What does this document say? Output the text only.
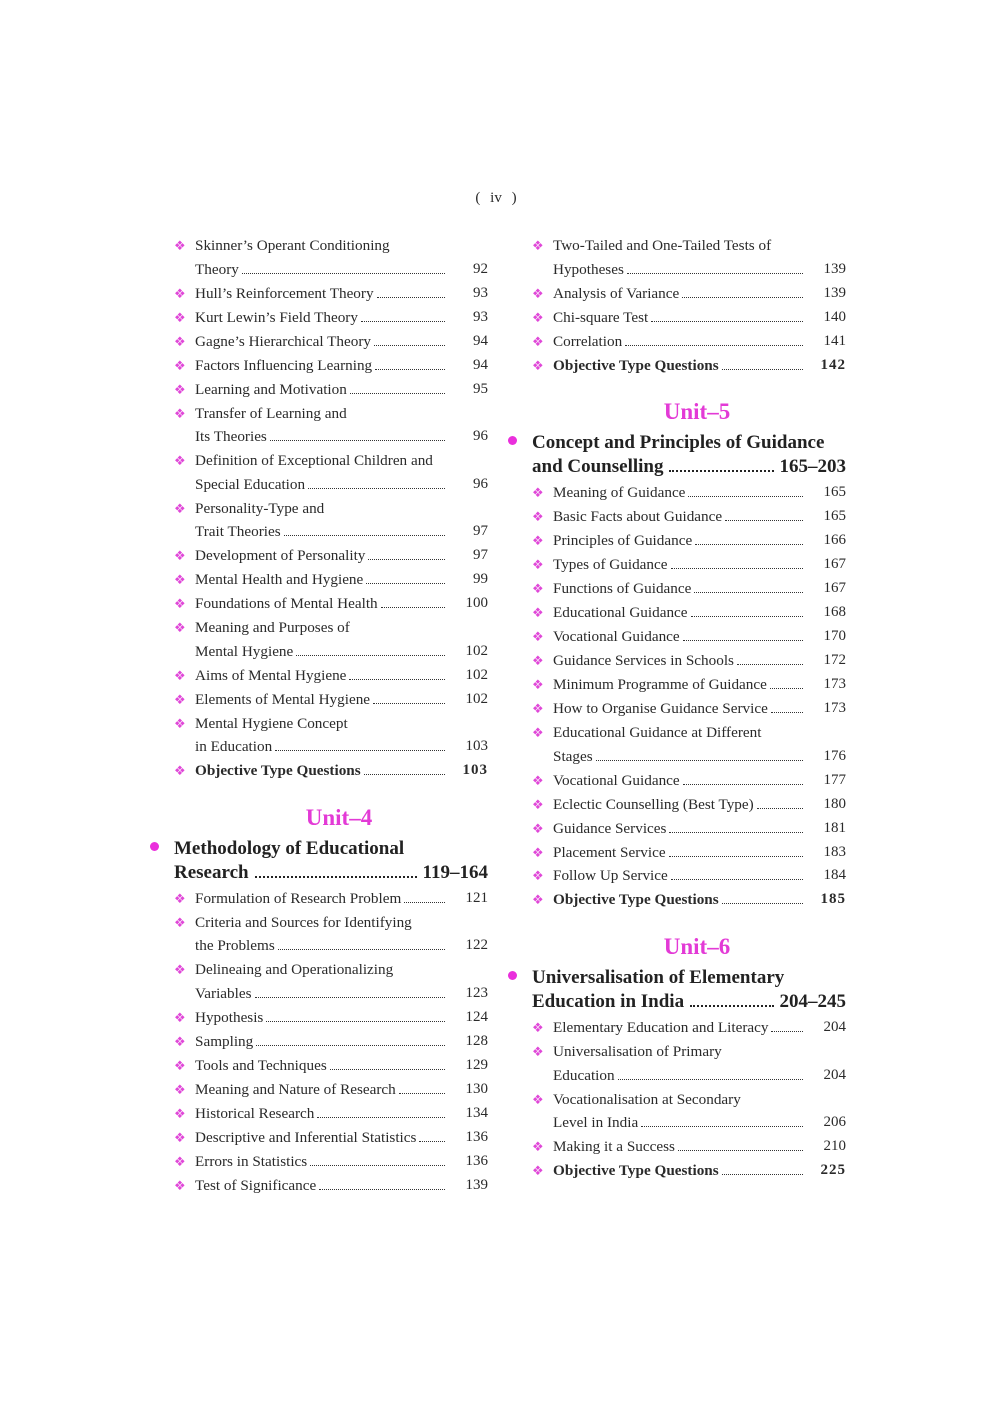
( iv )
❖ Skinner’s Operant Conditioning
Theory	92
❖ Hull’s Reinforcement Theory	93
❖ Kurt Lewin’s Field Theory	93
❖ Gagne’s Hierarchical Theory	94
❖ Factors Influencing Learning	94
❖ Learning and Motivation	95
❖ Transfer of Learning and
Its Theories	96
❖ Definition of Exceptional Children and
Special Education	96
❖ Personality-Type and
Trait Theories	97
❖ Development of Personality	97
❖ Mental Health and Hygiene	99
❖ Foundations of Mental Health	100
❖ Meaning and Purposes of
Mental Hygiene	102
❖ Aims of Mental Hygiene	102
❖ Elements of Mental Hygiene	102
❖ Mental Hygiene Concept
in Education	103
❖ Objective Type Questions	103
Unit–4
Methodology of Educational
Research	119–164
❖ Formulation of Research Problem	121
❖ Criteria and Sources for Identifying
the Problems	122
❖ Delineaing and Operationalizing
Variables	123
❖ Hypothesis	124
❖ Sampling	128
❖ Tools and Techniques	129
❖ Meaning and Nature of Research	130
❖ Historical Research	134
❖ Descriptive and Inferential Statistics	136
❖ Errors in Statistics	136
❖ Test of Significance	139
❖ Two-Tailed and One-Tailed Tests of
Hypotheses	139
❖ Analysis of Variance	139
❖ Chi-square Test	140
❖ Correlation	141
❖ Objective Type Questions	142
Unit–5
Concept and Principles of Guidance
and Counselling	165–203
❖ Meaning of Guidance	165
❖ Basic Facts about Guidance	165
❖ Principles of Guidance	166
❖ Types of Guidance	167
❖ Functions of Guidance	167
❖ Educational Guidance	168
❖ Vocational Guidance	170
❖ Guidance Services in Schools	172
❖ Minimum Programme of Guidance	173
❖ How to Organise Guidance Service	173
❖ Educational Guidance at Different
Stages	176
❖ Vocational Guidance	177
❖ Eclectic Counselling (Best Type)	180
❖ Guidance Services	181
❖ Placement Service	183
❖ Follow Up Service	184
❖ Objective Type Questions	185
Unit–6
Universalisation of Elementary
Education in India	204–245
❖ Elementary Education and Literacy	204
❖ Universalisation of Primary
Education	204
❖ Vocationalisation at Secondary
Level in India	206
❖ Making it a Success	210
❖ Objective Type Questions	225
